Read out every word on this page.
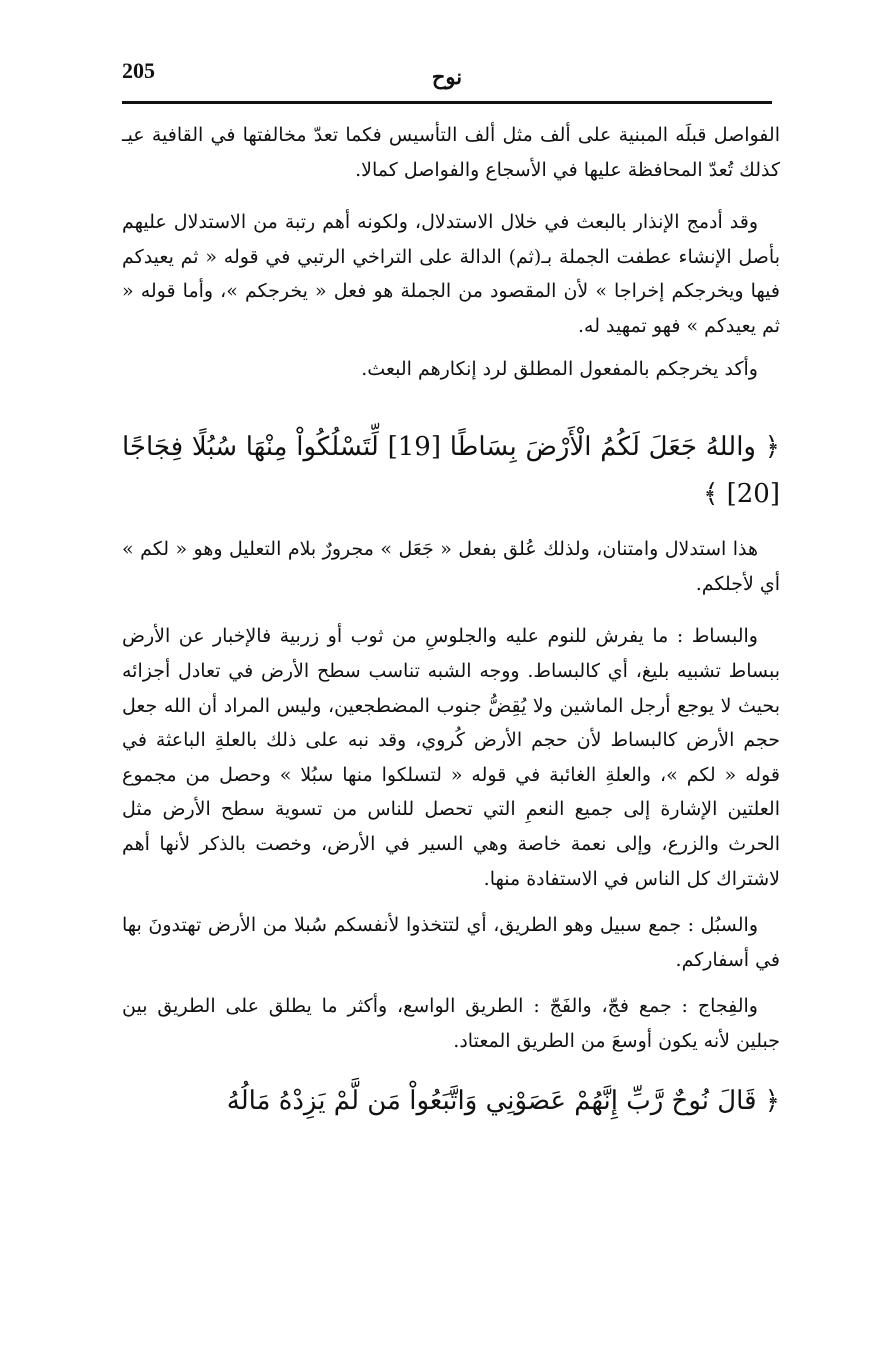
205	نوح

الفواصل قبلَه المبنية على ألف مثل ألف التأسيس فكما تعدّ مخالفتها في القافية عيـ كذلك تُعدّ المحافظة عليها في الأسجاع والفواصل كمالا.

وقد أدمج الإنذار بالبعث في خلال الاستدلال، ولكونه أهم رتبة من الاستدلال عليهم بأصل الإنشاء عطفت الجملة بـ(ثم) الدالة على التراخي الرتبي في قوله « ثم يعيدكم فيها ويخرجكم إخراجا » لأن المقصود من الجملة هو فعل « يخرجكم »، وأما قوله « ثم يعيدكم » فهو تمهيد له.

وأكد يخرجكم بالمفعول المطلق لرد إنكارهم البعث.

﴿ واللهُ جَعَلَ لَكُمُ الْأَرْضَ بِسَاطًا [19] لِّتَسْلُكُواْ مِنْهَا سُبُلًا فِجَاجًا [20] ﴾

هذا استدلال وامتنان، ولذلك عُلق بفعل « جَعَل » مجرورٌ بلام التعليل وهو « لكم » أي لأجلكم.

والبساط : ما يفرش للنوم عليه والجلوسِ من ثوب أو زربية فالإخبار عن الأرض ببساط تشبيه بليغ، أي كالبساط. ووجه الشبه تناسب سطح الأرض في تعادل أجزائه بحيث لا يوجع أرجل الماشين ولا يُقِضُّ جنوب المضطجعين، وليس المراد أن الله جعل حجم الأرض كالبساط لأن حجم الأرض كُروي، وقد نبه على ذلك بالعلةِ الباعثة في قوله « لكم »، والعلةِ الغائبة في قوله « لتسلكوا منها سبُلا » وحصل من مجموع العلتين الإشارة إلى جميع النعمِ التي تحصل للناس من تسوية سطح الأرض مثل الحرث والزرع، وإلى نعمة خاصة وهي السير في الأرض، وخصت بالذكر لأنها أهم لاشتراك كل الناس في الاستفادة منها.

والسبُل : جمع سبيل وهو الطريق، أي لتتخذوا لأنفسكم سُبلا من الأرض تهتدونَ بها في أسفاركم.

والفِجاج : جمع فجّ، والفَجّ : الطريق الواسع، وأكثر ما يطلق على الطريق بين جبلين لأنه يكون أوسعَ من الطريق المعتاد.

﴿ قَالَ نُوحٌ رَّبِّ إِنَّهُمْ عَصَوْنِي وَاتَّبَعُواْ مَن لَّمْ يَزِدْهُ مَالُهُ
